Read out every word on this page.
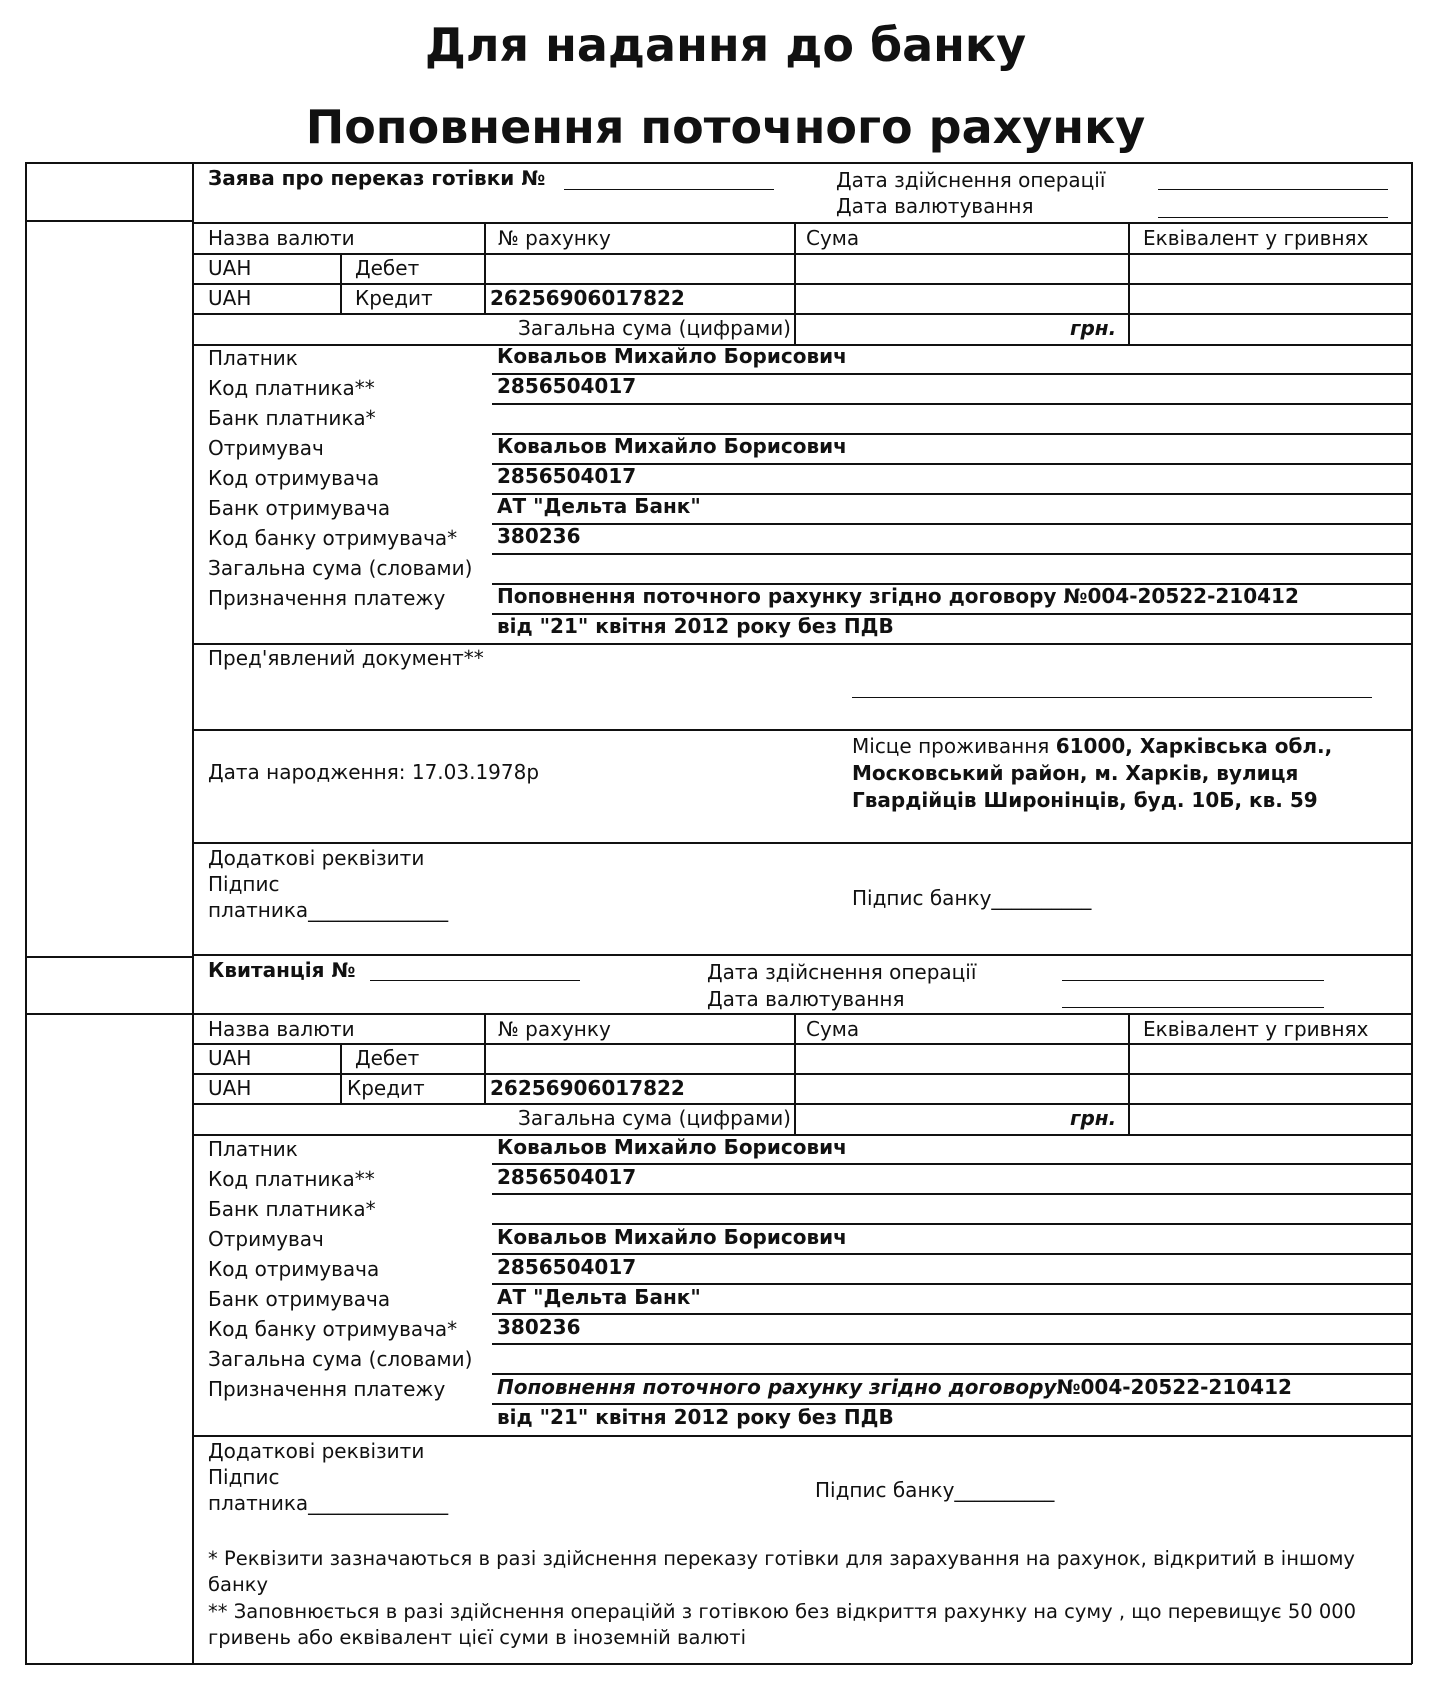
Для надання до банку
Поповнення поточного рахунку
Заява про переказ готівки №	Дата здійснення операції
Дата валютування
Назва валюти	№ рахунку	Сума	Еквівалент у гривнях
UAH	Дебет
UAH	Кредит	26256906017822
Загальна сума (цифрами)	грн.
Платник	Ковальов Михайло Борисович
Код платника**	2856504017
Банк платника*
Отримувач	Ковальов Михайло Борисович
Код отримувача	2856504017
Банк отримувача	АТ "Дельта Банк"
Код банку отримувача* 380236
Загальна сума (словами)
Призначення платежу	Поповнення поточного рахунку згідно договору №004-20522-210412
від "21" квітня 2012 року без ПДВ
Пред'явлений документ**
Дата народження: 17.03.1978р
Місце проживання 61000, Харківська обл.,
Московський район, м. Харків, вулиця
Гвардійців Широнінців, буд. 10Б, кв. 59
Додаткові реквізити
Підпис
платника______________	Підпис банку__________
Квитанція №	Дата здійснення операції
Дата валютування
Назва валюти	№ рахунку	Сума	Еквівалент у гривнях
UAH	Дебет
UAH	Кредит	26256906017822
Загальна сума (цифрами)	грн.
Платник	Ковальов Михайло Борисович
Код платника**	2856504017
Банк платника*
Отримувач	Ковальов Михайло Борисович
Код отримувача	2856504017
Банк отримувача	АТ "Дельта Банк"
Код банку отримувача* 380236
Загальна сума (словами)
Призначення платежу	Поповнення поточного рахунку згідно договору№004-20522-210412
від "21" квітня 2012 року без ПДВ
Додаткові реквізити
Підпис
платника______________
Підпис банку__________
* Реквізити зазначаються в разі здійснення переказу готівки для зарахування на рахунок, відкритий в іншому
банку
** Заповнюється в разі здійснення операційй з готівкою без відкриття рахунку на суму , що перевищує 50 000
гривень або еквівалент цієї суми в іноземній валюті
